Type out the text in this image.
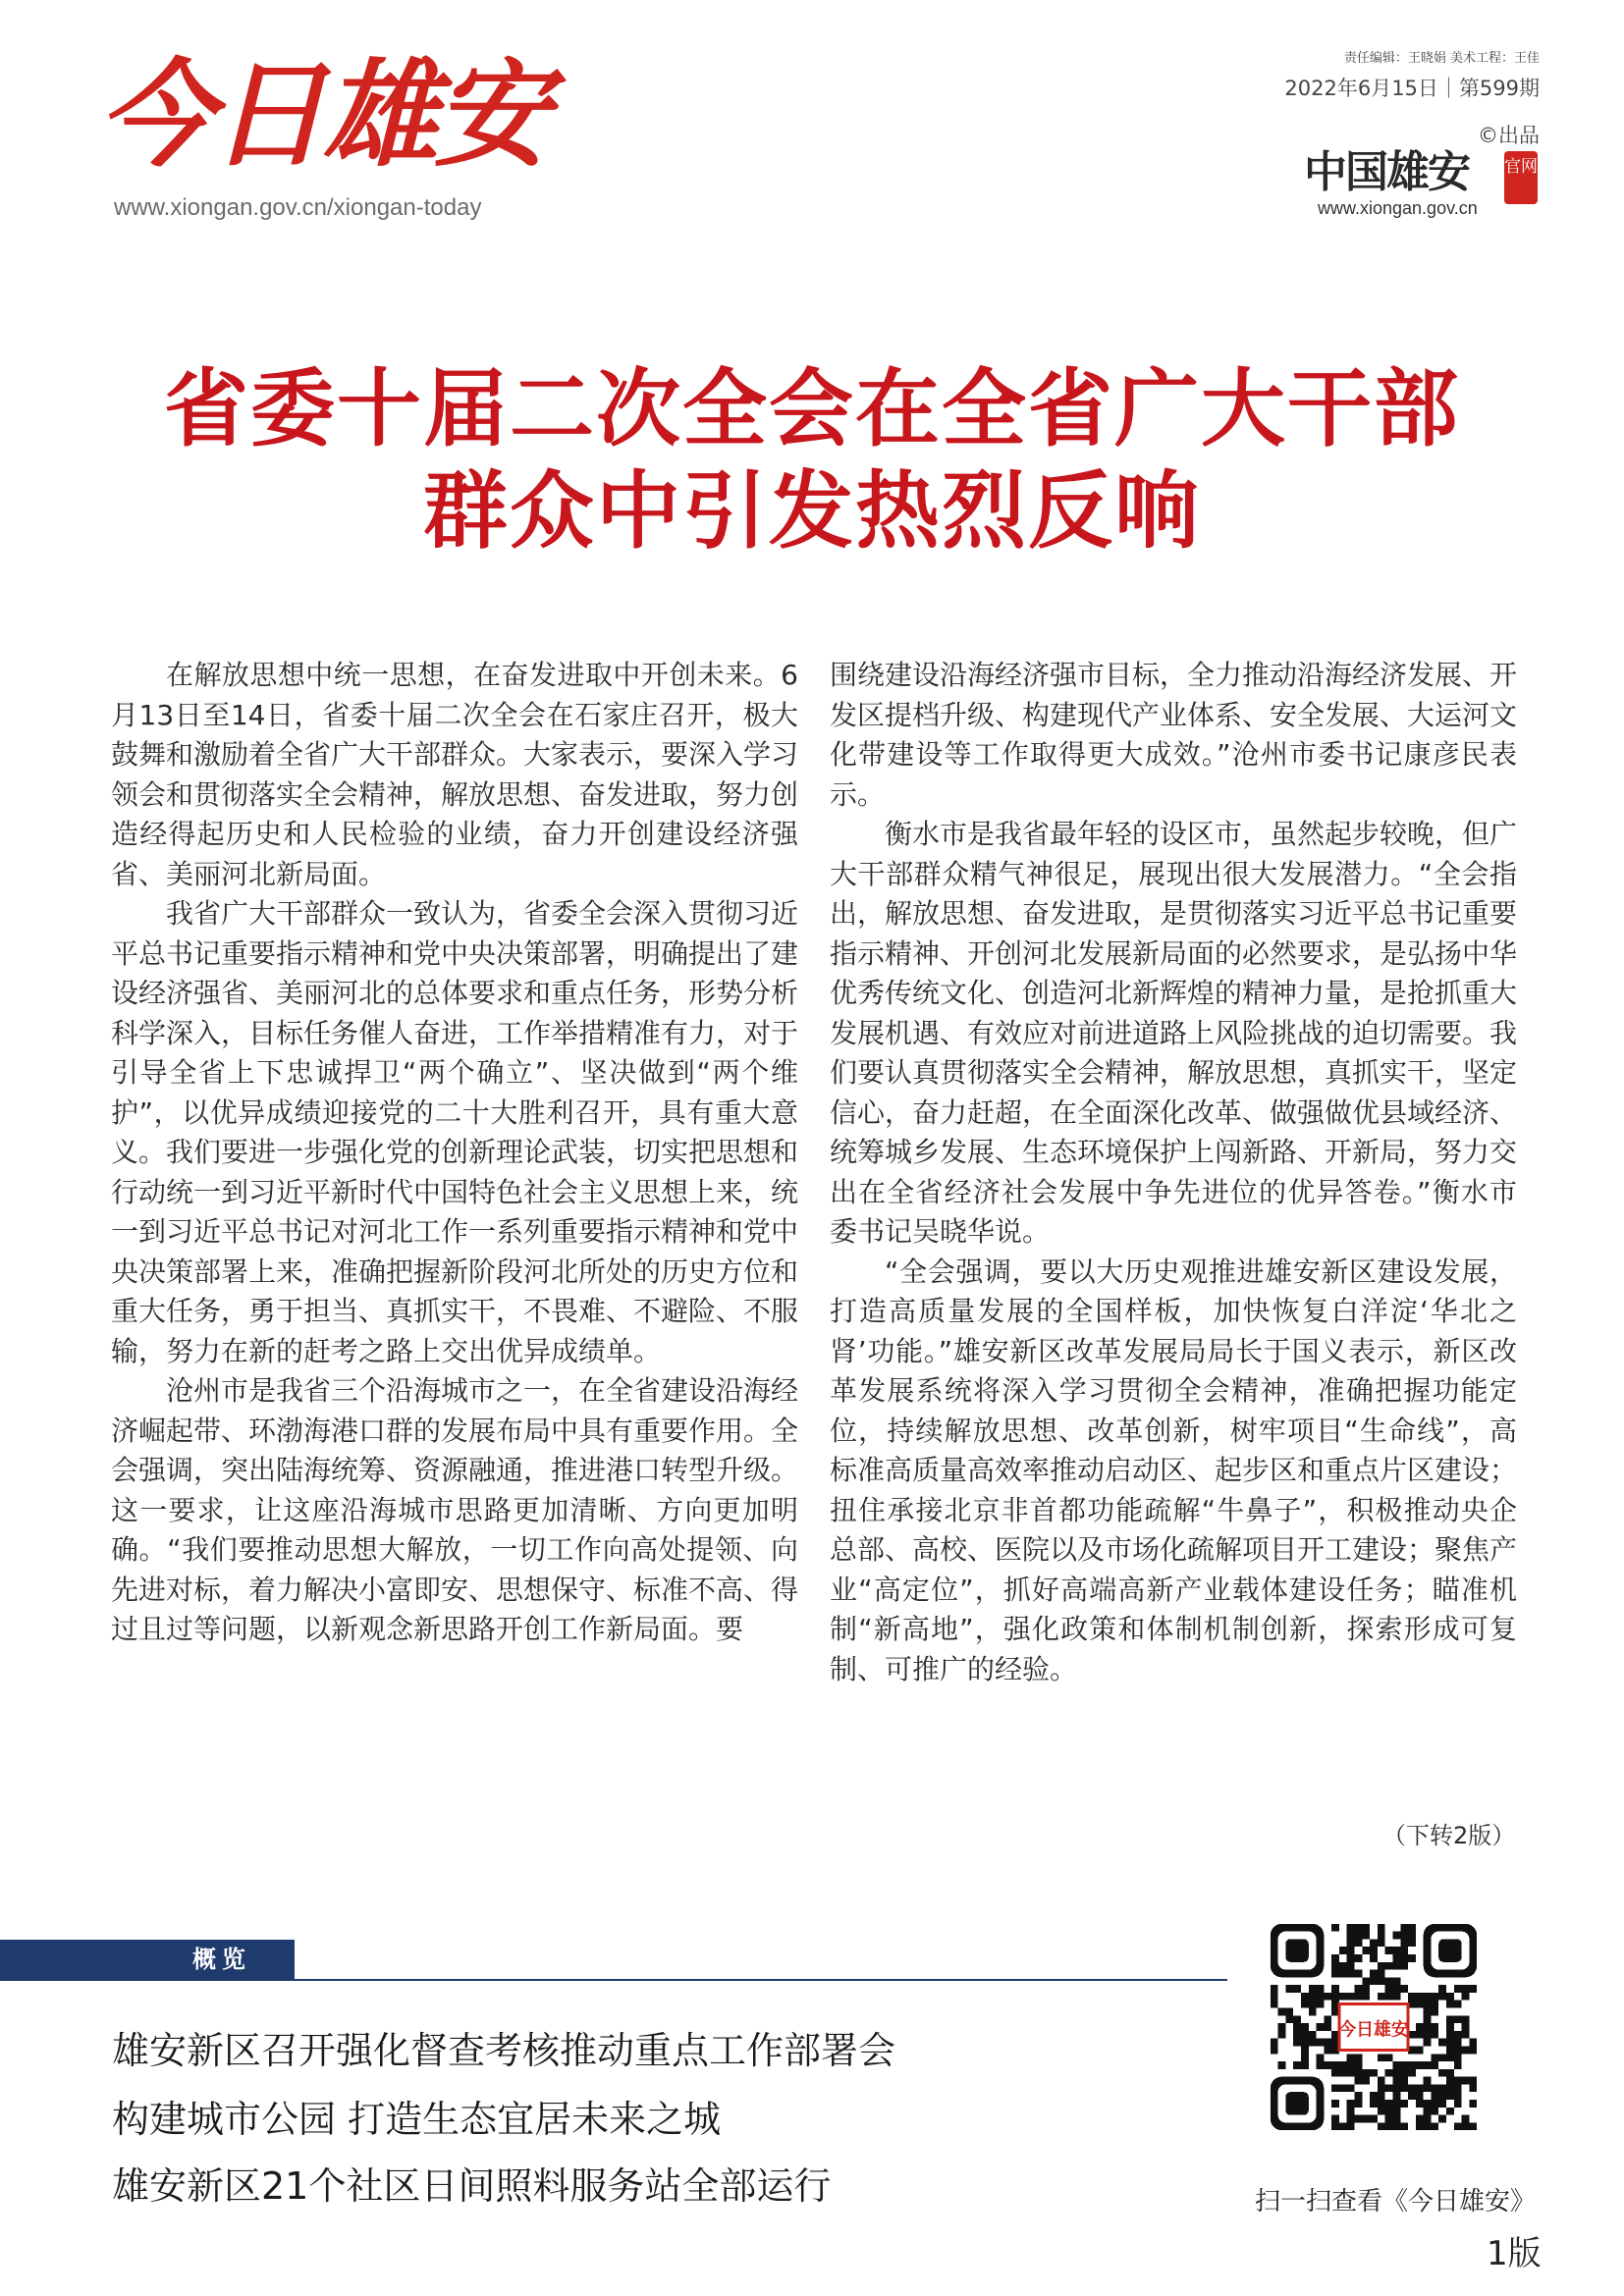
今日雄安
www.xiongan.gov.cn/xiongan-today
责任编辑：王晓娟 美术工程：王佳
2022年6月15日｜第599期
©出品
中国雄安	官网
www.xiongan.gov.cn
省委十届二次全会在全省广大干部
群众中引发热烈反响

在解放思想中统一思想，在奋发进取中开创未来。6月13日至14日，省委十届二次全会在石家庄召开，极大鼓舞和激励着全省广大干部群众。大家表示，要深入学习领会和贯彻落实全会精神，解放思想、奋发进取，努力创造经得起历史和人民检验的业绩，奋力开创建设经济强省、美丽河北新局面。

我省广大干部群众一致认为，省委全会深入贯彻习近平总书记重要指示精神和党中央决策部署，明确提出了建设经济强省、美丽河北的总体要求和重点任务，形势分析科学深入，目标任务催人奋进，工作举措精准有力，对于引导全省上下忠诚捍卫“两个确立”、坚决做到“两个维护”，以优异成绩迎接党的二十大胜利召开，具有重大意义。我们要进一步强化党的创新理论武装，切实把思想和行动统一到习近平新时代中国特色社会主义思想上来，统一到习近平总书记对河北工作一系列重要指示精神和党中央决策部署上来，准确把握新阶段河北所处的历史方位和重大任务，勇于担当、真抓实干，不畏难、不避险、不服输，努力在新的赶考之路上交出优异成绩单。

沧州市是我省三个沿海城市之一，在全省建设沿海经济崛起带、环渤海港口群的发展布局中具有重要作用。全会强调，突出陆海统筹、资源融通，推进港口转型升级。这一要求，让这座沿海城市思路更加清晰、方向更加明确。“我们要推动思想大解放，一切工作向高处提领、向先进对标，着力解决小富即安、思想保守、标准不高、得过且过等问题，以新观念新思路开创工作新局面。要

围绕建设沿海经济强市目标，全力推动沿海经济发展、开发区提档升级、构建现代产业体系、安全发展、大运河文化带建设等工作取得更大成效。”沧州市委书记康彦民表示。

衡水市是我省最年轻的设区市，虽然起步较晚，但广大干部群众精气神很足，展现出很大发展潜力。“全会指出，解放思想、奋发进取，是贯彻落实习近平总书记重要指示精神、开创河北发展新局面的必然要求，是弘扬中华优秀传统文化、创造河北新辉煌的精神力量，是抢抓重大发展机遇、有效应对前进道路上风险挑战的迫切需要。我们要认真贯彻落实全会精神，解放思想，真抓实干，坚定信心，奋力赶超，在全面深化改革、做强做优县域经济、统筹城乡发展、生态环境保护上闯新路、开新局，努力交出在全省经济社会发展中争先进位的优异答卷。”衡水市委书记吴晓华说。

“全会强调，要以大历史观推进雄安新区建设发展，打造高质量发展的全国样板，加快恢复白洋淀‘华北之肾’功能。”雄安新区改革发展局局长于国义表示，新区改革发展系统将深入学习贯彻全会精神，准确把握功能定位，持续解放思想、改革创新，树牢项目“生命线”，高标准高质量高效率推动启动区、起步区和重点片区建设；扭住承接北京非首都功能疏解“牛鼻子”，积极推动央企总部、高校、医院以及市场化疏解项目开工建设；聚焦产业“高定位”，抓好高端高新产业载体建设任务；瞄准机制“新高地”，强化政策和体制机制创新，探索形成可复制、可推广的经验。

（下转2版）
概览
雄安新区召开强化督查考核推动重点工作部署会
构建城市公园 打造生态宜居未来之城
雄安新区21个社区日间照料服务站全部运行
今日雄安
扫一扫查看《今日雄安》
1版
